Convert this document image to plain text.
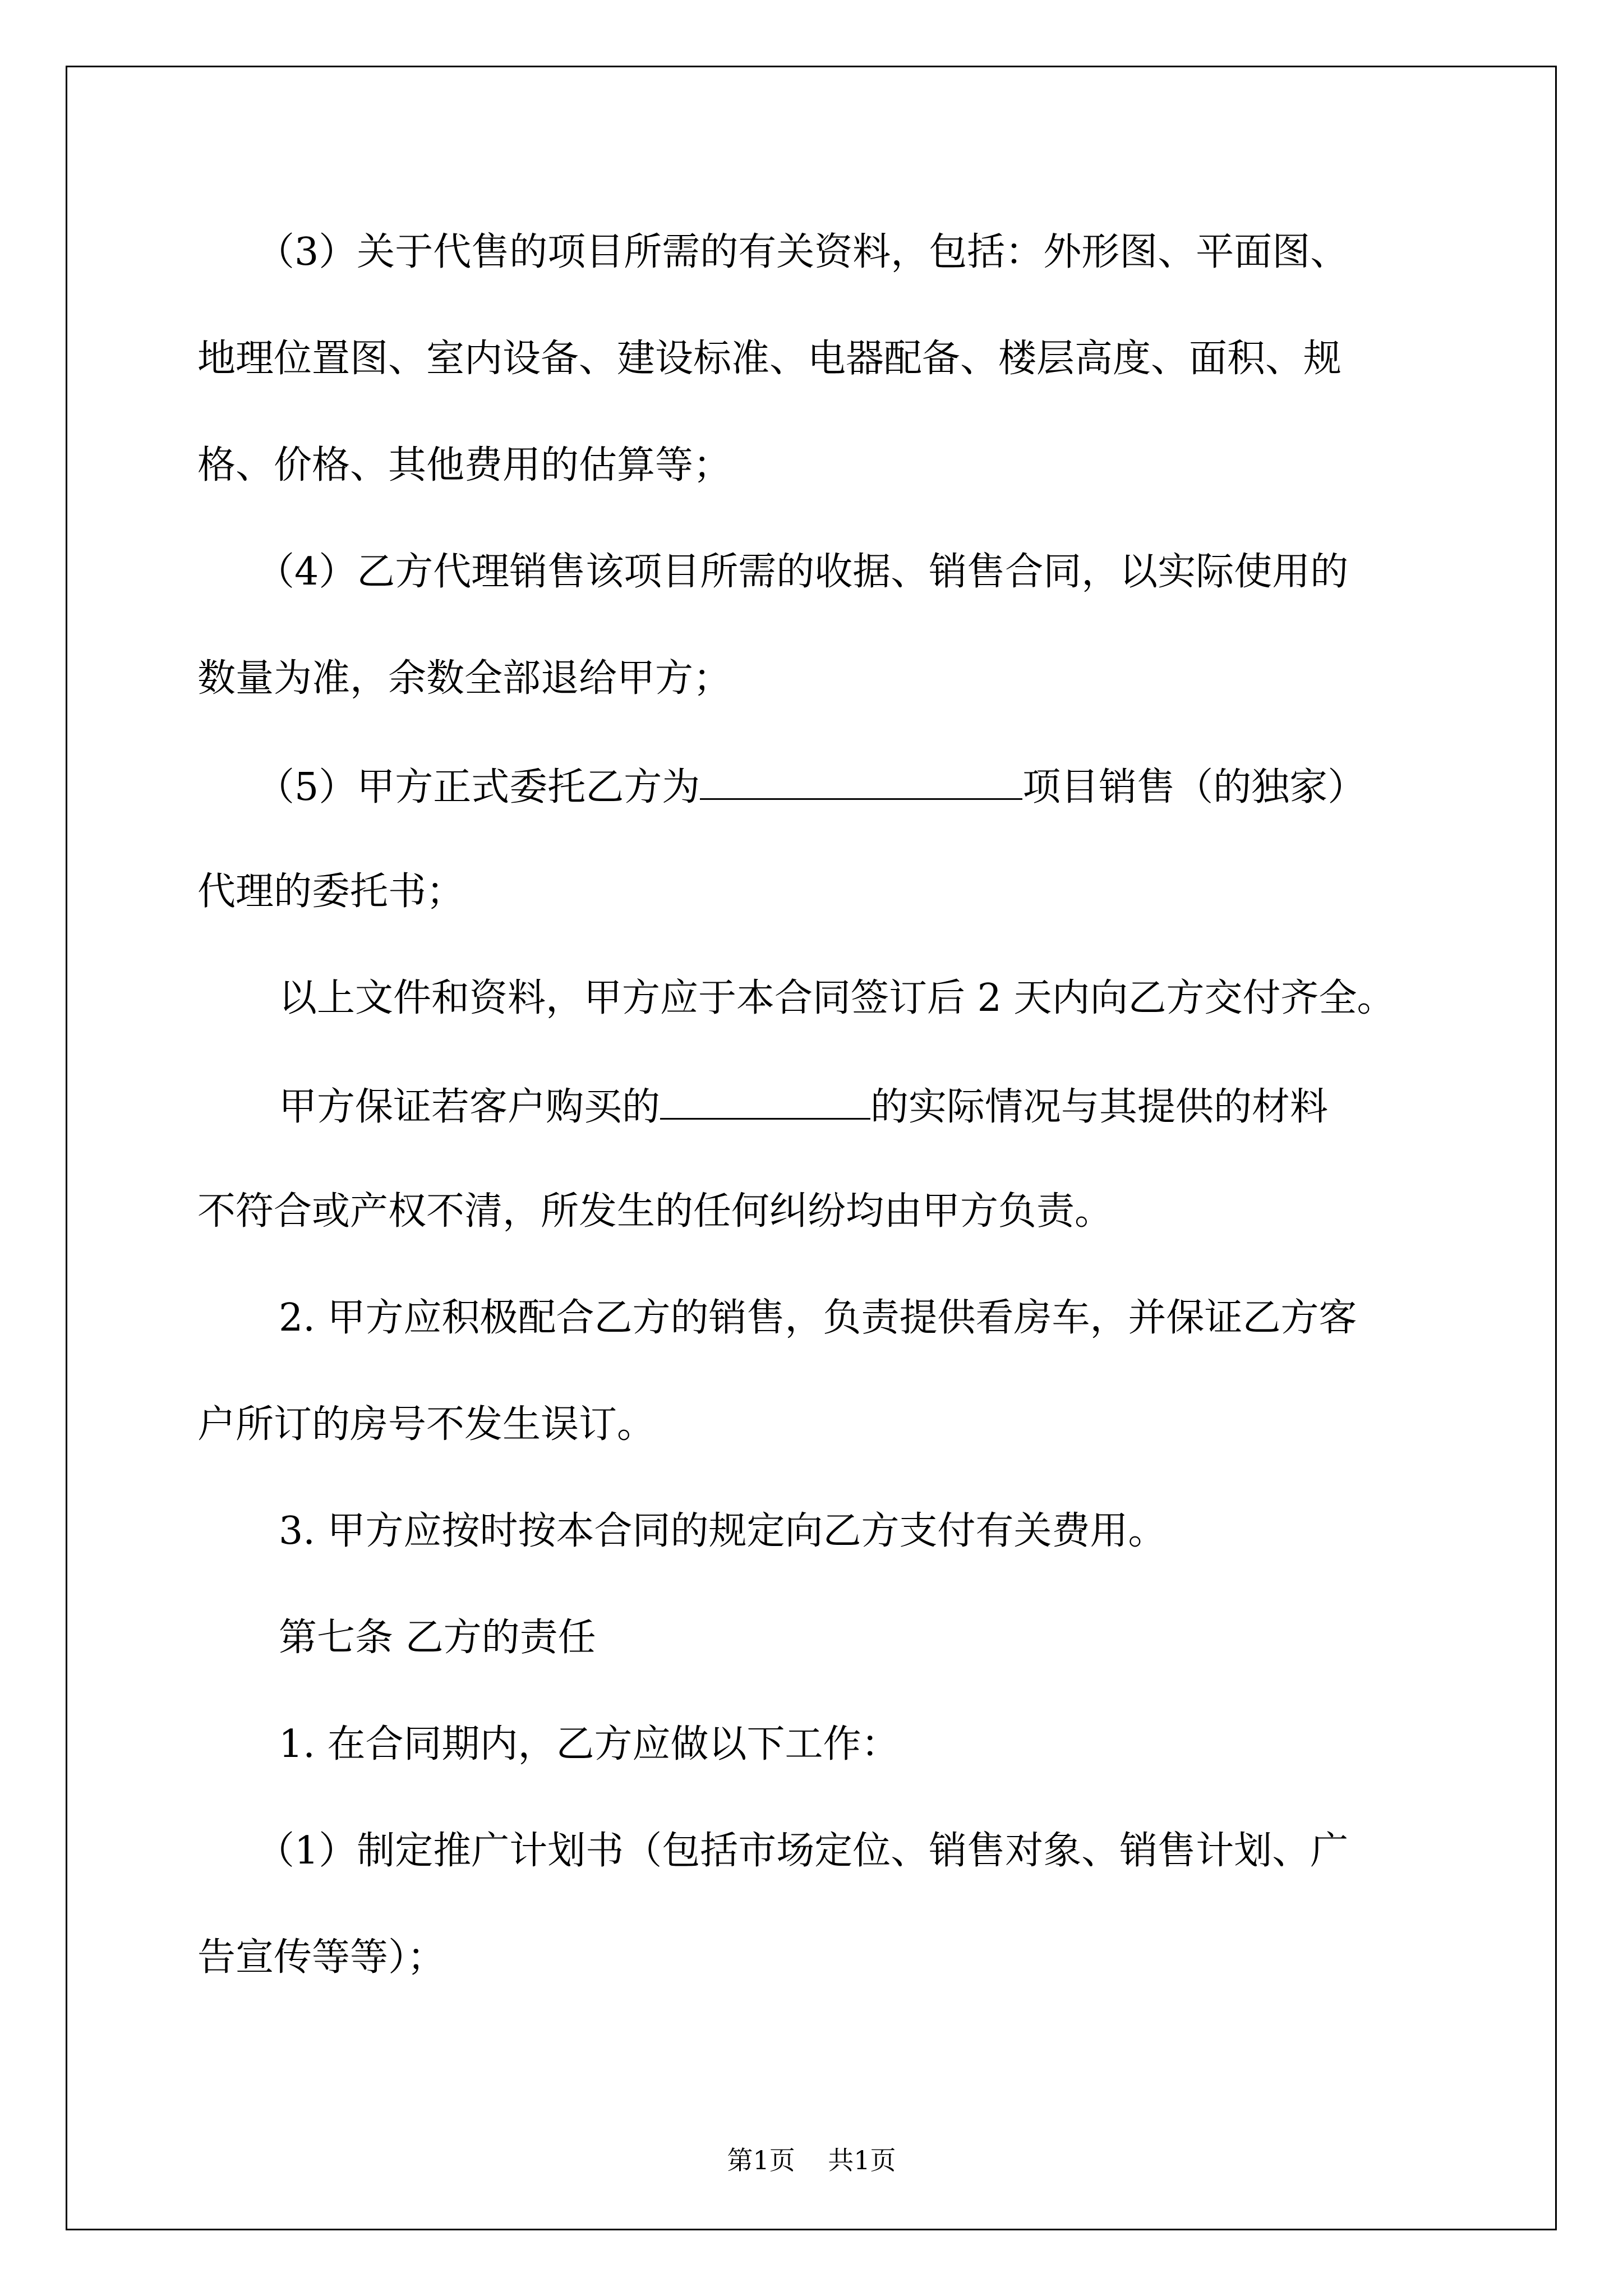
（3）关于代售的项目所需的有关资料，包括：外形图、平面图、
地理位置图、室内设备、建设标准、电器配备、楼层高度、面积、规
格、价格、其他费用的估算等；
（4）乙方代理销售该项目所需的收据、销售合同，以实际使用的
数量为准，余数全部退给甲方；
（5）甲方正式委托乙方为	项目销售（的独家）
代理的委托书；
以上文件和资料，甲方应于本合同签订后 2 天内向乙方交付齐全。
甲方保证若客户购买的	的实际情况与其提供的材料
不符合或产权不清，所发生的任何纠纷均由甲方负责。
2. 甲方应积极配合乙方的销售，负责提供看房车，并保证乙方客
户所订的房号不发生误订。
3. 甲方应按时按本合同的规定向乙方支付有关费用。
第七条 乙方的责任
1. 在合同期内，乙方应做以下工作：
（1）制定推广计划书（包括市场定位、销售对象、销售计划、广
告宣传等等）；
第1页    共1页
